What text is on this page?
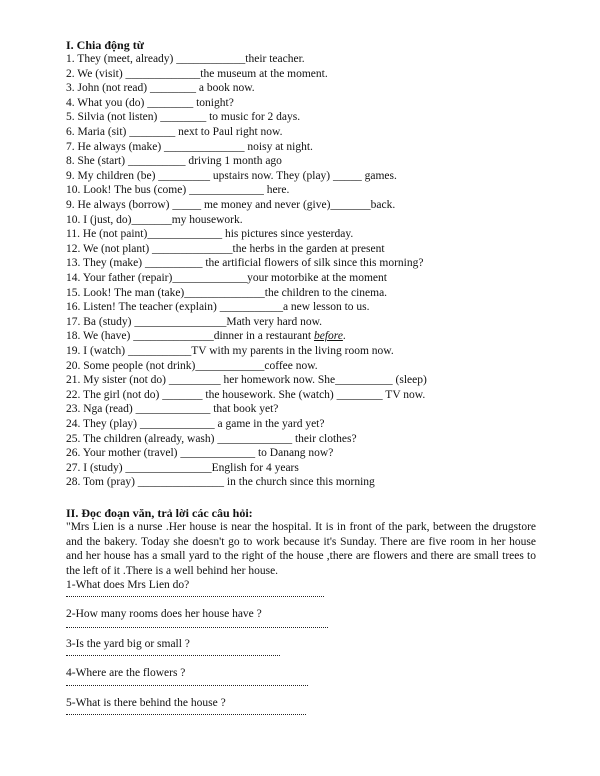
I. Chia động từ
1. They (meet, already) ____________their teacher.
2. We (visit) _____________the museum at the moment.
3. John (not read) ________ a book now.
4. What you (do) ________ tonight?
5. Silvia (not listen) ________ to music for 2 days.
6. Maria (sit) ________ next to Paul right now.
7. He always (make) ______________ noisy at night.
8. She (start) __________ driving 1 month ago
9. My children (be) _________ upstairs now. They (play) _____ games.
10. Look! The bus (come) _____________ here.
9. He always (borrow) _____ me money and never (give)_______back.
10. I (just, do)_______my housework.
11. He (not paint)_____________ his pictures since yesterday.
12. We (not plant) ______________the herbs in the garden at present
13. They (make) __________ the artificial flowers of silk since this morning?
14. Your father (repair)_____________your motorbike at the moment
15. Look! The man (take)______________the children to the cinema.
16. Listen! The teacher (explain) ___________a new lesson to us.
17. Ba (study) ________________Math very hard now.
18. We (have) ______________dinner in a restaurant before.
19. I (watch) ___________TV with my parents in the living room now.
20. Some people (not drink)____________coffee now.
21. My sister (not do) _________ her homework now. She__________ (sleep)
22. The girl (not do) _______ the housework. She (watch) ________ TV now.
23. Nga (read) _____________ that book yet?
24. They (play) _____________ a game in the yard yet?
25. The children (already, wash) _____________ their clothes?
26. Your mother (travel) _____________ to Danang now?
27. I (study) _______________English for 4 years
28. Tom (pray) _______________ in the church since this morning
II. Đọc đoạn văn, trả lời các câu hỏi:
"Mrs Lien is a nurse .Her house is near the hospital. It is in front of the park, between the drugstore and the bakery. Today she doesn't go to work because it's Sunday. There are five room in her house and her house has a small yard to the right of the house ,there are flowers and there are small trees to the left of it .There is a well behind her house.
1-What does Mrs Lien do?
2-How many rooms does her house have ?
3-Is the yard big or small ?
4-Where are the flowers ?
5-What is there behind the house ?
